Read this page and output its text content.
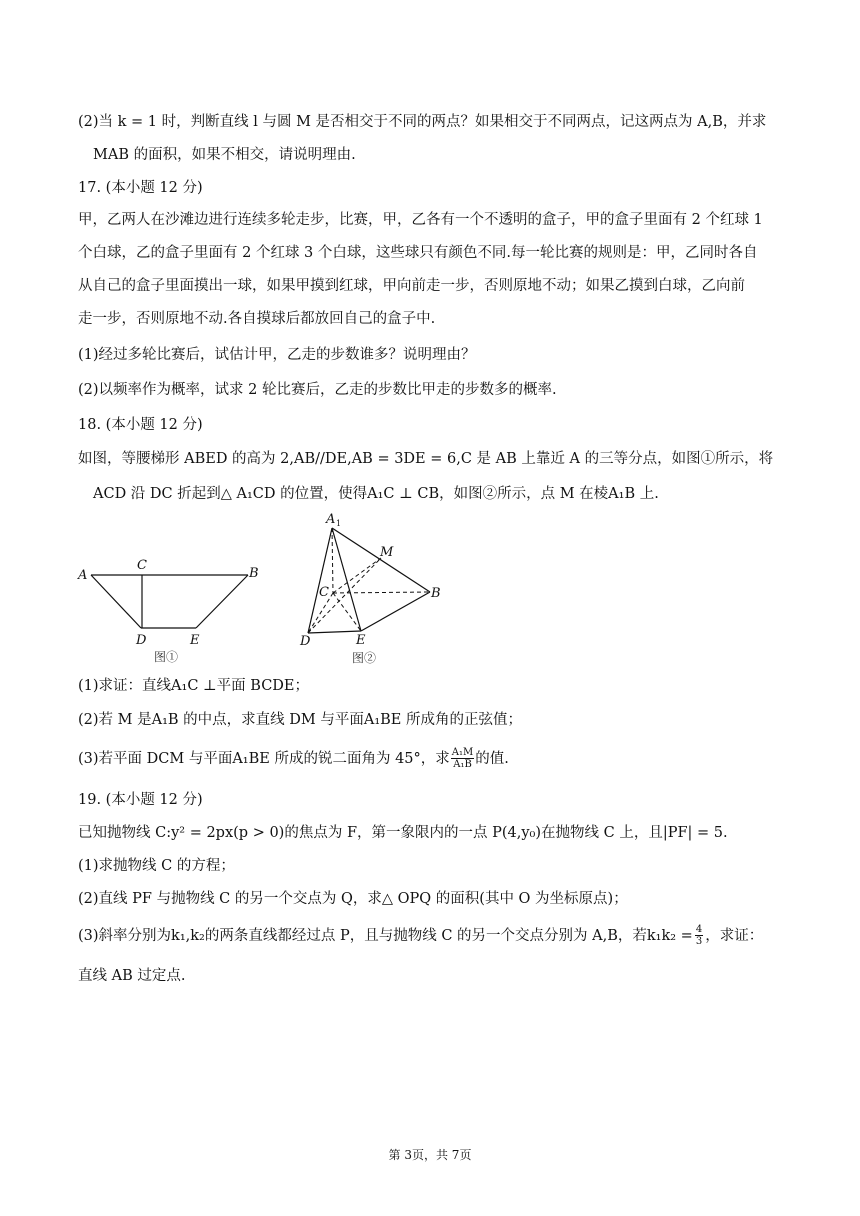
(2)当 k = 1 时，判断直线 l 与圆 M 是否相交于不同的两点？如果相交于不同两点，记这两点为 A,B，并求
MAB 的面积，如果不相交，请说明理由.
17. (本小题 12 分)
甲，乙两人在沙滩边进行连续多轮走步，比赛，甲，乙各有一个不透明的盒子，甲的盒子里面有 2 个红球 1
个白球，乙的盒子里面有 2 个红球 3 个白球，这些球只有颜色不同.每一轮比赛的规则是：甲，乙同时各自
从自己的盒子里面摸出一球，如果甲摸到红球，甲向前走一步，否则原地不动；如果乙摸到白球，乙向前
走一步，否则原地不动.各自摸球后都放回自己的盒子中.
(1)经过多轮比赛后，试估计甲，乙走的步数谁多？说明理由？
(2)以频率作为概率，试求 2 轮比赛后，乙走的步数比甲走的步数多的概率.
18. (本小题 12 分)
如图，等腰梯形 ABED 的高为 2,AB//DE,AB = 3DE = 6,C 是 AB 上靠近 A 的三等分点，如图①所示，将
ACD 沿 DC 折起到△ A₁CD 的位置，使得A₁C ⊥ CB，如图②所示，点 M 在棱A₁B 上.
A
C
B
D	E
图①
A 1
M
C	B
D	E
图②
(1)求证：直线A₁C ⊥平面 BCDE；
(2)若 M 是A₁B 的中点，求直线 DM 与平面A₁BE 所成角的正弦值；
(3)若平面 DCM 与平面A₁BE 所成的锐二面角为 45°，求 $\frac{\text{A₁M}}{\text{A₁B}}$ 的值.
19. (本小题 12 分)
已知抛物线 C:y² = 2px(p > 0)的焦点为 F，第一象限内的一点 P(4,y₀)在抛物线 C 上，且|PF| = 5.
(1)求抛物线 C 的方程；
(2)直线 PF 与抛物线 C 的另一个交点为 Q，求△ OPQ 的面积(其中 O 为坐标原点)；
(3)斜率分别为k₁,k₂的两条直线都经过点 P，且与抛物线 C 的另一个交点分别为 A,B，若$k_1k_2 = \frac{4}{3}$ ，求证：
直线 AB 过定点.
第 3页，共 7页
